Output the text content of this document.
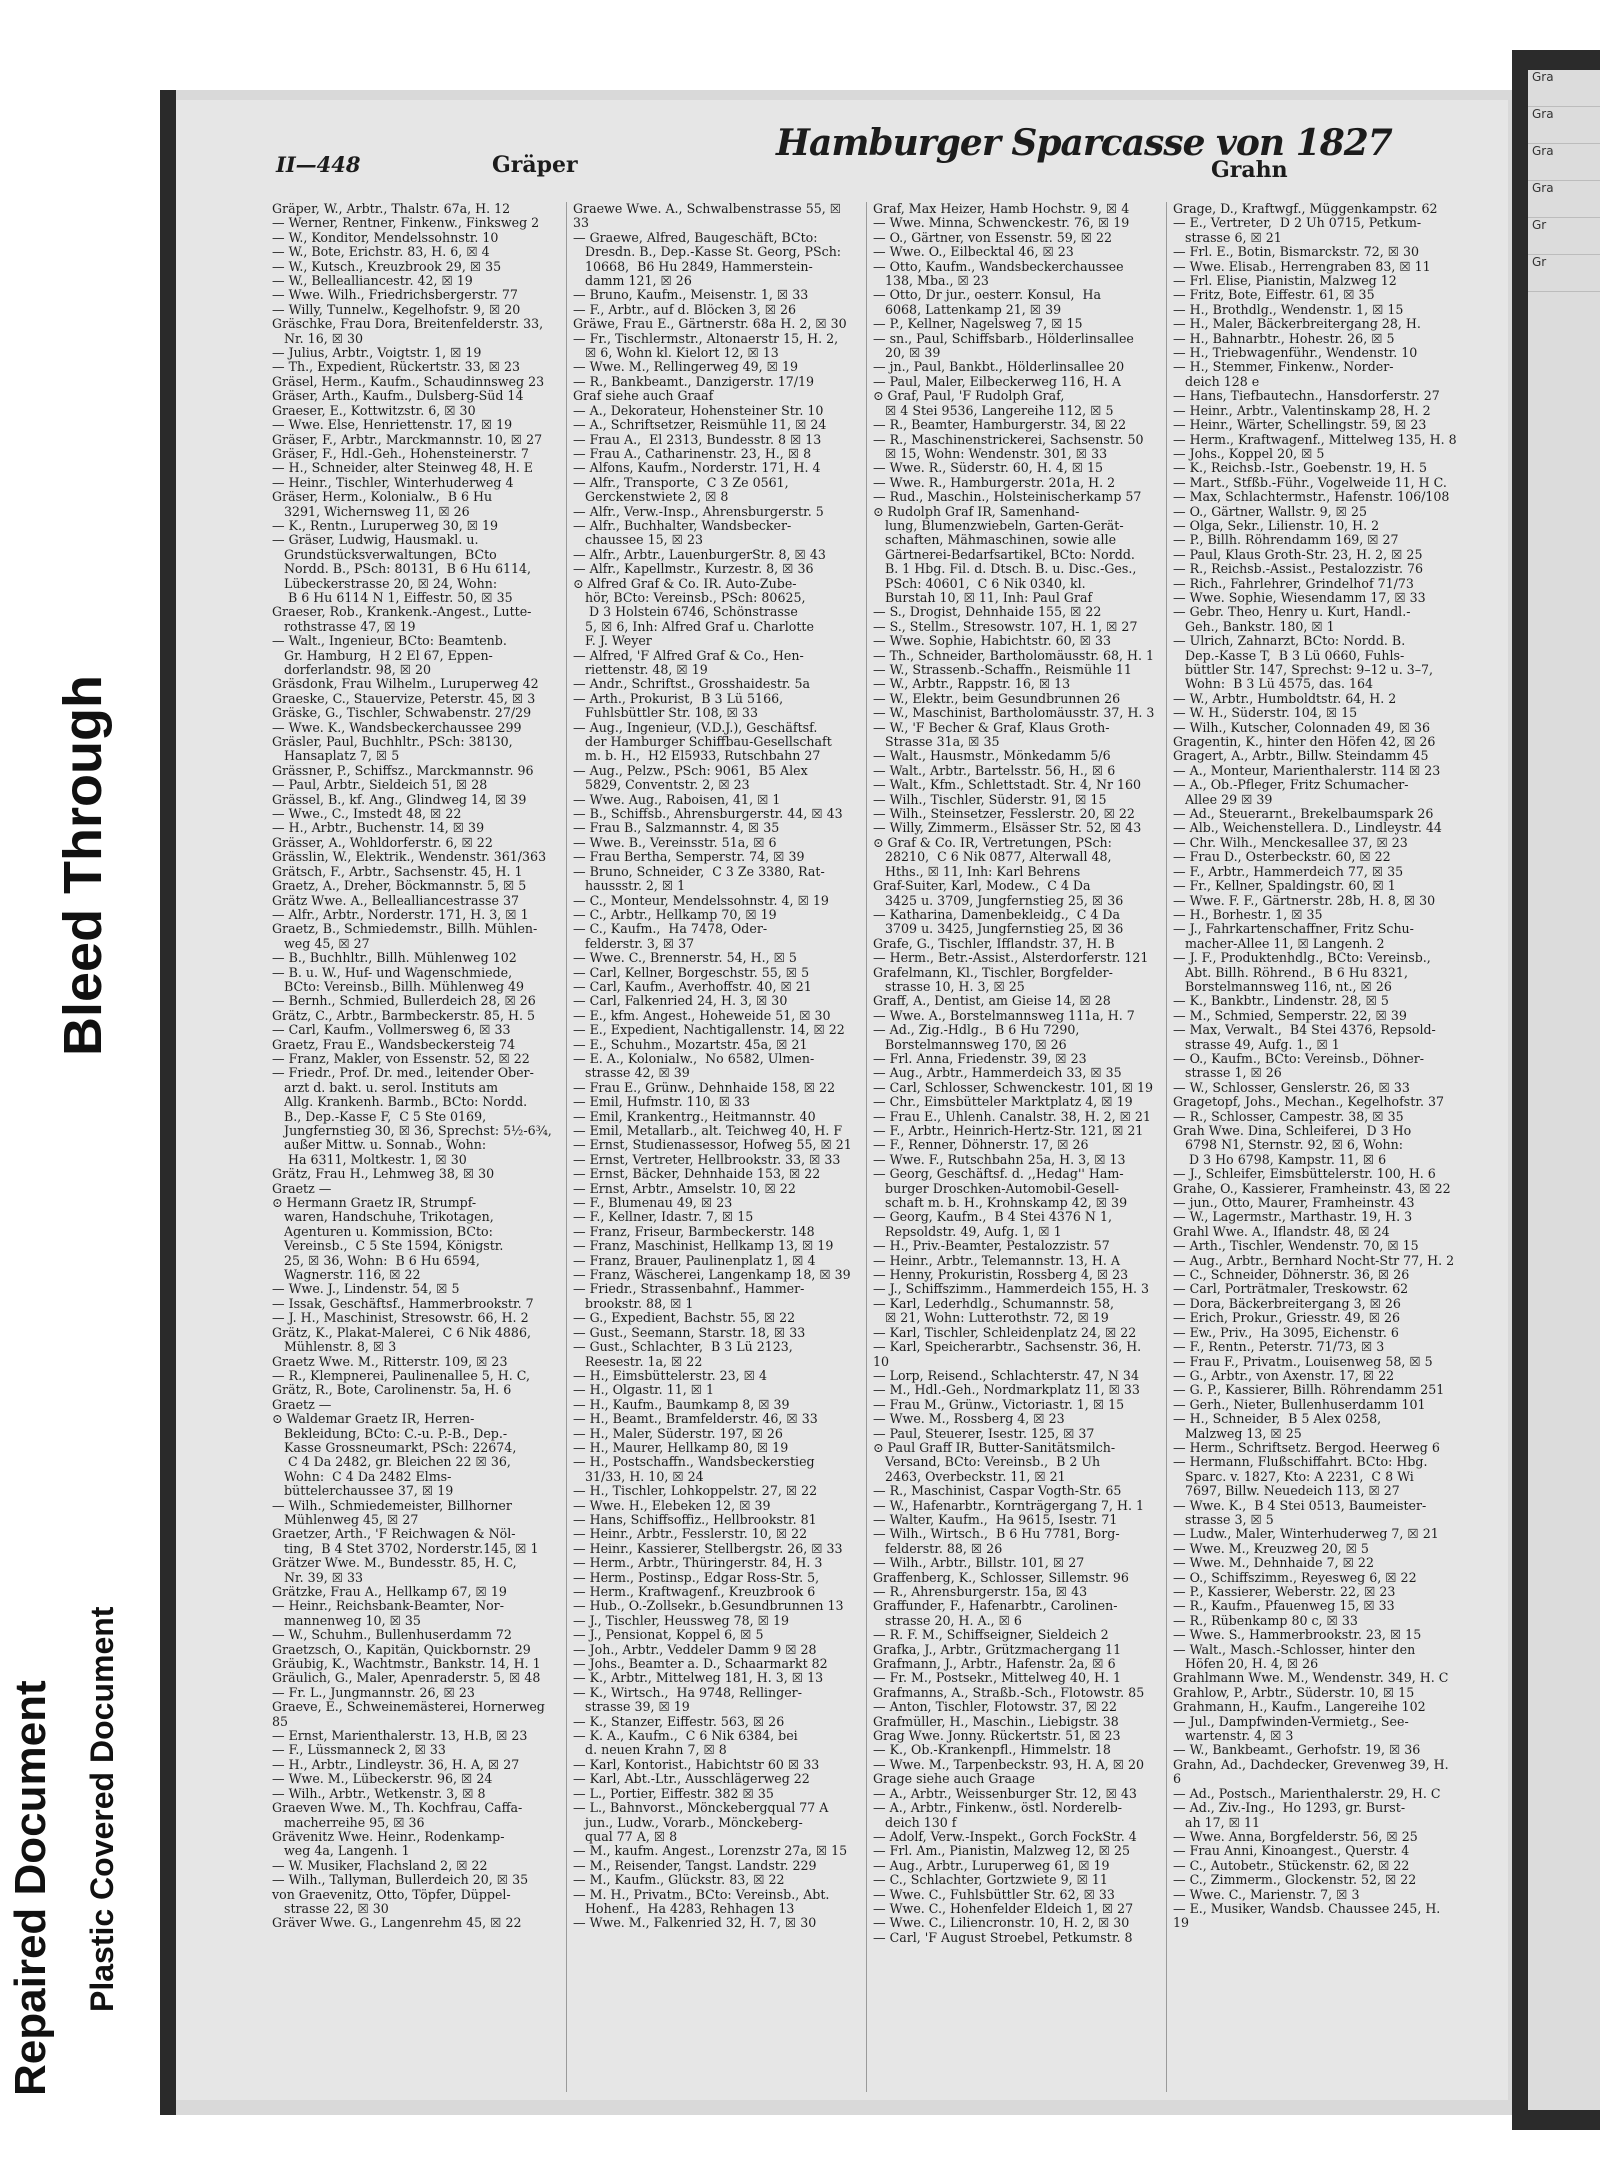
Gra
Gra
Gra
Gra
Gr
Gr
II—448	Gräper
Hamburger Sparcasse von 1827
Grahn
Gräper, W., Arbtr., Thalstr. 67a, H. 12
— Werner, Rentner, Finkenw., Finksweg 2
— W., Konditor, Mendelssohnstr. 10
— W., Bote, Erichstr. 83, H. 6, ☒ 4
— W., Kutsch., Kreuzbrook 29, ☒ 35
— W., Bellealliancestr. 42, ☒ 19
— Wwe. Wilh., Friedrichsbergerstr. 77
— Willy, Tunnelw., Kegelhofstr. 9, ☒ 20
Gräschke, Frau Dora, Breitenfelderstr. 33,
Nr. 16, ☒ 30
— Julius, Arbtr., Voigtstr. 1, ☒ 19
— Th., Expedient, Rückertstr. 33, ☒ 23
Gräsel, Herm., Kaufm., Schaudinnsweg 23
Gräser, Arth., Kaufm., Dulsberg-Süd 14
Graeser, E., Kottwitzstr. 6, ☒ 30
— Wwe. Else, Henriettenstr. 17, ☒ 19
Gräser, F., Arbtr., Marckmannstr. 10, ☒ 27
Gräser, F., Hdl.-Geh., Hohensteinerstr. 7
— H., Schneider, alter Steinweg 48, H. E
— Heinr., Tischler, Winterhuderweg 4
Gräser, Herm., Kolonialw.,  B 6 Hu
3291, Wichernsweg 11, ☒ 26
— K., Rentn., Luruperweg 30, ☒ 19
— Gräser, Ludwig, Hausmakl. u.
Grundstücksverwaltungen,  BCto
Nordd. B., PSch: 80131,  B 6 Hu 6114,
Lübeckerstrasse 20, ☒ 24, Wohn:
B 6 Hu 6114 N 1, Eiffestr. 50, ☒ 35
Graeser, Rob., Krankenk.-Angest., Lutte-
rothstrasse 47, ☒ 19
— Walt., Ingenieur, BCto: Beamtenb.
Gr. Hamburg,  H 2 El 67, Eppen-
dorferlandstr. 98, ☒ 20
Gräsdonk, Frau Wilhelm., Luruperweg 42
Graeske, C., Stauervize, Peterstr. 45, ☒ 3
Gräske, G., Tischler, Schwabenstr. 27/29
— Wwe. K., Wandsbeckerchaussee 299
Gräsler, Paul, Buchhltr., PSch: 38130,
Hansaplatz 7, ☒ 5
Grässner, P., Schiffsz., Marckmannstr. 96
— Paul, Arbtr., Sieldeich 51, ☒ 28
Grässel, B., kf. Ang., Glindweg 14, ☒ 39
— Wwe., C., Imstedt 48, ☒ 22
— H., Arbtr., Buchenstr. 14, ☒ 39
Grässer, A., Wohldorferstr. 6, ☒ 22
Grässlin, W., Elektrik., Wendenstr. 361/363
Grätsch, F., Arbtr., Sachsenstr. 45, H. 1
Graetz, A., Dreher, Böckmannstr. 5, ☒ 5
Grätz Wwe. A., Bellealliancestrasse 37
— Alfr., Arbtr., Norderstr. 171, H. 3, ☒ 1
Graetz, B., Schmiedemstr., Billh. Mühlen-
weg 45, ☒ 27
— B., Buchhltr., Billh. Mühlenweg 102
— B. u. W., Huf- und Wagenschmiede,
BCto: Vereinsb., Billh. Mühlenweg 49
— Bernh., Schmied, Bullerdeich 28, ☒ 26
Grätz, C., Arbtr., Barmbeckerstr. 85, H. 5
— Carl, Kaufm., Vollmersweg 6, ☒ 33
Graetz, Frau E., Wandsbeckersteig 74
— Franz, Makler, von Essenstr. 52, ☒ 22
— Friedr., Prof. Dr. med., leitender Ober-
arzt d. bakt. u. serol. Instituts am
Allg. Krankenh. Barmb., BCto: Nordd.
B., Dep.-Kasse F,  C 5 Ste 0169,
Jungfernstieg 30, ☒ 36, Sprechst: 5½-6¾,
außer Mittw. u. Sonnab., Wohn:
Ha 6311, Moltkestr. 1, ☒ 30
Grätz, Frau H., Lehmweg 38, ☒ 30
Graetz —
⊙ Hermann Graetz IR, Strumpf-
waren, Handschuhe, Trikotagen,
Agenturen u. Kommission, BCto:
Vereinsb.,  C 5 Ste 1594, Königstr.
25, ☒ 36, Wohn:  B 6 Hu 6594,
Wagnerstr. 116, ☒ 22
— Wwe. J., Lindenstr. 54, ☒ 5
— Issak, Geschäftsf., Hammerbrookstr. 7
— J. H., Maschinist, Stresowstr. 66, H. 2
Grätz, K., Plakat-Malerei,  C 6 Nik 4886,
Mühlenstr. 8, ☒ 3
Graetz Wwe. M., Ritterstr. 109, ☒ 23
— R., Klempnerei, Paulinenallee 5, H. C,
Grätz, R., Bote, Carolinenstr. 5a, H. 6
Graetz —
⊙ Waldemar Graetz IR, Herren-
Bekleidung, BCto: C.-u. P.-B., Dep.-
Kasse Grossneumarkt, PSch: 22674,
C 4 Da 2482, gr. Bleichen 22 ☒ 36,
Wohn:  C 4 Da 2482 Elms-
büttelerchaussee 37, ☒ 19
— Wilh., Schmiedemeister, Billhorner
Mühlenweg 45, ☒ 27
Graetzer, Arth., 'F Reichwagen & Nöl-
ting,  B 4 Stet 3702, Norderstr.145, ☒ 1
Grätzer Wwe. M., Bundesstr. 85, H. C,
Nr. 39, ☒ 33
Grätzke, Frau A., Hellkamp 67, ☒ 19
— Heinr., Reichsbank-Beamter, Nor-
mannenweg 10, ☒ 35
— W., Schuhm., Bullenhuserdamm 72
Graetzsch, O., Kapitän, Quickbornstr. 29
Gräubig, K., Wachtmstr., Bankstr. 14, H. 1
Gräulich, G., Maler, Apenraderstr. 5, ☒ 48
— Fr. L., Jungmannstr. 26, ☒ 23
Graeve, E., Schweinemästerei, Hornerweg 85
— Ernst, Marienthalerstr. 13, H.B, ☒ 23
— F., Lüssmanneck 2, ☒ 33
— H., Arbtr., Lindleystr. 36, H. A, ☒ 27
— Wwe. M., Lübeckerstr. 96, ☒ 24
— Wilh., Arbtr., Wetkenstr. 3, ☒ 8
Graeven Wwe. M., Th. Kochfrau, Caffa-
macherreihe 95, ☒ 36
Grävenitz Wwe. Heinr., Rodenkamp-
weg 4a, Langenh. 1
— W. Musiker, Flachsland 2, ☒ 22
— Wilh., Tallyman, Bullerdeich 20, ☒ 35
von Graevenitz, Otto, Töpfer, Düppel-
strasse 22, ☒ 30
Gräver Wwe. G., Langenrehm 45, ☒ 22
Graewe Wwe. A., Schwalbenstrasse 55, ☒ 33
— Graewe, Alfred, Baugeschäft, BCto:
Dresdn. B., Dep.-Kasse St. Georg, PSch:
10668,  B6 Hu 2849, Hammerstein-
damm 121, ☒ 26
— Bruno, Kaufm., Meisenstr. 1, ☒ 33
— F., Arbtr., auf d. Blöcken 3, ☒ 26
Gräwe, Frau E., Gärtnerstr. 68a H. 2, ☒ 30
— Fr., Tischlermstr., Altonaerstr 15, H. 2,
☒ 6, Wohn kl. Kielort 12, ☒ 13
— Wwe. M., Rellingerweg 49, ☒ 19
— R., Bankbeamt., Danzigerstr. 17/19
Graf siehe auch Graaf
— A., Dekorateur, Hohensteiner Str. 10
— A., Schriftsetzer, Reismühle 11, ☒ 24
— Frau A.,  El 2313, Bundesstr. 8 ☒ 13
— Frau A., Catharinenstr. 23, H., ☒ 8
— Alfons, Kaufm., Norderstr. 171, H. 4
— Alfr., Transporte,  C 3 Ze 0561,
Gerckenstwiete 2, ☒ 8
— Alfr., Verw.-Insp., Ahrensburgerstr. 5
— Alfr., Buchhalter, Wandsbecker-
chaussee 15, ☒ 23
— Alfr., Arbtr., LauenburgerStr. 8, ☒ 43
— Alfr., Kapellmstr., Kurzestr. 8, ☒ 36
⊙ Alfred Graf & Co. IR. Auto-Zube-
hör, BCto: Vereinsb., PSch: 80625,
D 3 Holstein 6746, Schönstrasse
5, ☒ 6, Inh: Alfred Graf u. Charlotte
F. J. Weyer
— Alfred, 'F Alfred Graf & Co., Hen-
riettenstr. 48, ☒ 19
— Andr., Schriftst., Grosshaidestr. 5a
— Arth., Prokurist,  B 3 Lü 5166,
Fuhlsbüttler Str. 108, ☒ 33
— Aug., Ingenieur, (V.D.J.), Geschäftsf.
der Hamburger Schiffbau-Gesellschaft
m. b. H.,  H2 El5933, Rutschbahn 27
— Aug., Pelzw., PSch: 9061,  B5 Alex
5829, Conventstr. 2, ☒ 23
— Wwe. Aug., Raboisen, 41, ☒ 1
— B., Schiffsb., Ahrensburgerstr. 44, ☒ 43
— Frau B., Salzmannstr. 4, ☒ 35
— Wwe. B., Vereinsstr. 51a, ☒ 6
— Frau Bertha, Semperstr. 74, ☒ 39
— Bruno, Schneider,  C 3 Ze 3380, Rat-
haussstr. 2, ☒ 1
— C., Monteur, Mendelssohnstr. 4, ☒ 19
— C., Arbtr., Hellkamp 70, ☒ 19
— C., Kaufm.,  Ha 7478, Oder-
felderstr. 3, ☒ 37
— Wwe. C., Brennerstr. 54, H., ☒ 5
— Carl, Kellner, Borgeschstr. 55, ☒ 5
— Carl, Kaufm., Averhoffstr. 40, ☒ 21
— Carl, Falkenried 24, H. 3, ☒ 30
— E., kfm. Angest., Hoheweide 51, ☒ 30
— E., Expedient, Nachtigallenstr. 14, ☒ 22
— E., Schuhm., Mozartstr. 45a, ☒ 21
— E. A., Kolonialw.,  No 6582, Ulmen-
strasse 42, ☒ 39
— Frau E., Grünw., Dehnhaide 158, ☒ 22
— Emil, Hufmstr. 110, ☒ 33
— Emil, Krankentrg., Heitmannstr. 40
— Emil, Metallarb., alt. Teichweg 40, H. F
— Ernst, Studienassessor, Hofweg 55, ☒ 21
— Ernst, Vertreter, Hellbrookstr. 33, ☒ 33
— Ernst, Bäcker, Dehnhaide 153, ☒ 22
— Ernst, Arbtr., Amselstr. 10, ☒ 22
— F., Blumenau 49, ☒ 23
— F., Kellner, Idastr. 7, ☒ 15
— Franz, Friseur, Barmbeckerstr. 148
— Franz, Maschinist, Hellkamp 13, ☒ 19
— Franz, Brauer, Paulinenplatz 1, ☒ 4
— Franz, Wäscherei, Langenkamp 18, ☒ 39
— Friedr., Strassenbahnf., Hammer-
brookstr. 88, ☒ 1
— G., Expedient, Bachstr. 55, ☒ 22
— Gust., Seemann, Starstr. 18, ☒ 33
— Gust., Schlachter,  B 3 Lü 2123,
Reesestr. 1a, ☒ 22
— H., Eimsbüttelerstr. 23, ☒ 4
— H., Olgastr. 11, ☒ 1
— H., Kaufm., Baumkamp 8, ☒ 39
— H., Beamt., Bramfelderstr. 46, ☒ 33
— H., Maler, Süderstr. 197, ☒ 26
— H., Maurer, Hellkamp 80, ☒ 19
— H., Postschaffn., Wandsbeckerstieg
31/33, H. 10, ☒ 24
— H., Tischler, Lohkoppelstr. 27, ☒ 22
— Wwe. H., Elebeken 12, ☒ 39
— Hans, Schiffsoffiz., Hellbrookstr. 81
— Heinr., Arbtr., Fesslerstr. 10, ☒ 22
— Heinr., Kassierer, Stellbergstr. 26, ☒ 33
— Herm., Arbtr., Thüringerstr. 84, H. 3
— Herm., Postinsp., Edgar Ross-Str. 5,
— Herm., Kraftwagenf., Kreuzbrook 6
— Hub., O.-Zollsekr., b.Gesundbrunnen 13
— J., Tischler, Heussweg 78, ☒ 19
— J., Pensionat, Koppel 6, ☒ 5
— Joh., Arbtr., Veddeler Damm 9 ☒ 28
— Johs., Beamter a. D., Schaarmarkt 82
— K., Arbtr., Mittelweg 181, H. 3, ☒ 13
— K., Wirtsch.,  Ha 9748, Rellinger-
strasse 39, ☒ 19
— K., Stanzer, Eiffestr. 563, ☒ 26
— K. A., Kaufm.,  C 6 Nik 6384, bei
d. neuen Krahn 7, ☒ 8
— Karl, Kontorist., Habichtstr 60 ☒ 33
— Karl, Abt.-Ltr., Ausschlägerweg 22
— L., Portier, Eiffestr. 382 ☒ 35
— L., Bahnvorst., Mönckebergqual 77 A
jun., Ludw., Vorarb., Mönckeberg-
qual 77 A, ☒ 8
— M., kaufm. Angest., Lorenzstr 27a, ☒ 15
— M., Reisender, Tangst. Landstr. 229
— M., Kaufm., Glückstr. 83, ☒ 22
— M. H., Privatm., BCto: Vereinsb., Abt.
Hohenf.,  Ha 4283, Rehhagen 13
— Wwe. M., Falkenried 32, H. 7, ☒ 30
Graf, Max Heizer, Hamb Hochstr. 9, ☒ 4
— Wwe. Minna, Schwenckestr. 76, ☒ 19
— O., Gärtner, von Essenstr. 59, ☒ 22
— Wwe. O., Eilbecktal 46, ☒ 23
— Otto, Kaufm., Wandsbeckerchaussee
138, Mba., ☒ 23
— Otto, Dr jur., oesterr. Konsul,  Ha
6068, Lattenkamp 21, ☒ 39
— P., Kellner, Nagelsweg 7, ☒ 15
— sn., Paul, Schiffsbarb., Hölderlinsallee
20, ☒ 39
— jn., Paul, Bankbt., Hölderlinsallee 20
— Paul, Maler, Eilbeckerweg 116, H. A
⊙ Graf, Paul, 'F Rudolph Graf,
☒ 4 Stei 9536, Langereihe 112, ☒ 5
— R., Beamter, Hamburgerstr. 34, ☒ 22
— R., Maschinenstrickerei, Sachsenstr. 50
☒ 15, Wohn: Wendenstr. 301, ☒ 33
— Wwe. R., Süderstr. 60, H. 4, ☒ 15
— Wwe. R., Hamburgerstr. 201a, H. 2
— Rud., Maschin., Holsteinischerkamp 57
⊙ Rudolph Graf IR, Samenhand-
lung, Blumenzwiebeln, Garten-Gerät-
schaften, Mähmaschinen, sowie alle
Gärtnerei-Bedarfsartikel, BCto: Nordd.
B. 1 Hbg. Fil. d. Dtsch. B. u. Disc.-Ges.,
PSch: 40601,  C 6 Nik 0340, kl.
Burstah 10, ☒ 11, Inh: Paul Graf
— S., Drogist, Dehnhaide 155, ☒ 22
— S., Stellm., Stresowstr. 107, H. 1, ☒ 27
— Wwe. Sophie, Habichtstr. 60, ☒ 33
— Th., Schneider, Bartholomäusstr. 68, H. 1
— W., Strassenb.-Schaffn., Reismühle 11
— W., Arbtr., Rappstr. 16, ☒ 13
— W., Elektr., beim Gesundbrunnen 26
— W., Maschinist, Bartholomäusstr. 37, H. 3
— W., 'F Becher & Graf, Klaus Groth-
Strasse 31a, ☒ 35
— Walt., Hausmstr., Mönkedamm 5/6
— Walt., Arbtr., Bartelsstr. 56, H., ☒ 6
— Walt., Kfm., Schlettstadt. Str. 4, Nr 160
— Wilh., Tischler, Süderstr. 91, ☒ 15
— Wilh., Steinsetzer, Fesslerstr. 20, ☒ 22
— Willy, Zimmerm., Elsässer Str. 52, ☒ 43
⊙ Graf & Co. IR, Vertretungen, PSch:
28210,  C 6 Nik 0877, Alterwall 48,
Hths., ☒ 11, Inh: Karl Behrens
Graf-Suiter, Karl, Modew.,  C 4 Da
3425 u. 3709, Jungfernstieg 25, ☒ 36
— Katharina, Damenbekleidg.,  C 4 Da
3709 u. 3425, Jungfernstieg 25, ☒ 36
Grafe, G., Tischler, Ifflandstr. 37, H. B
— Herm., Betr.-Assist., Alsterdorferstr. 121
Grafelmann, Kl., Tischler, Borgfelder-
strasse 10, H. 3, ☒ 25
Graff, A., Dentist, am Gieise 14, ☒ 28
— Wwe. A., Borstelmannsweg 111a, H. 7
— Ad., Zig.-Hdlg.,  B 6 Hu 7290,
Borstelmannsweg 170, ☒ 26
— Frl. Anna, Friedenstr. 39, ☒ 23
— Aug., Arbtr., Hammerdeich 33, ☒ 35
— Carl, Schlosser, Schwenckestr. 101, ☒ 19
— Chr., Eimsbütteler Marktplatz 4, ☒ 19
— Frau E., Uhlenh. Canalstr. 38, H. 2, ☒ 21
— F., Arbtr., Heinrich-Hertz-Str. 121, ☒ 21
— F., Renner, Döhnerstr. 17, ☒ 26
— Wwe. F., Rutschbahn 25a, H. 3, ☒ 13
— Georg, Geschäftsf. d. ,,Hedag'' Ham-
burger Droschken-Automobil-Gesell-
schaft m. b. H., Krohnskamp 42, ☒ 39
— Georg, Kaufm.,  B 4 Stei 4376 N 1,
Repsoldstr. 49, Aufg. 1, ☒ 1
— H., Priv.-Beamter, Pestalozzistr. 57
— Heinr., Arbtr., Telemannstr. 13, H. A
— Henny, Prokuristin, Rossberg 4, ☒ 23
— J., Schiffszimm., Hammerdeich 155, H. 3
— Karl, Lederhdlg., Schumannstr. 58,
☒ 21, Wohn: Lutterothstr. 72, ☒ 19
— Karl, Tischler, Schleidenplatz 24, ☒ 22
— Karl, Speicherarbtr., Sachsenstr. 36, H. 10
— Lorp, Reisend., Schlachterstr. 47, N 34
— M., Hdl.-Geh., Nordmarkplatz 11, ☒ 33
— Frau M., Grünw., Victoriastr. 1, ☒ 15
— Wwe. M., Rossberg 4, ☒ 23
— Paul, Steuerer, Isestr. 125, ☒ 37
⊙ Paul Graff IR, Butter-Sanitätsmilch-
Versand, BCto: Vereinsb.,  B 2 Uh
2463, Overbeckstr. 11, ☒ 21
— R., Maschinist, Caspar Vogth-Str. 65
— W., Hafenarbtr., Kornträgergang 7, H. 1
— Walter, Kaufm.,  Ha 9615, Isestr. 71
— Wilh., Wirtsch.,  B 6 Hu 7781, Borg-
felderstr. 88, ☒ 26
— Wilh., Arbtr., Billstr. 101, ☒ 27
Graffenberg, K., Schlosser, Sillemstr. 96
— R., Ahrensburgerstr. 15a, ☒ 43
Graffunder, F., Hafenarbtr., Carolinen-
strasse 20, H. A., ☒ 6
— R. F. M., Schiffseigner, Sieldeich 2
Grafka, J., Arbtr., Grützmachergang 11
Grafmann, J., Arbtr., Hafenstr. 2a, ☒ 6
— Fr. M., Postsekr., Mittelweg 40, H. 1
Grafmanns, A., Straßb.-Sch., Flotowstr. 85
— Anton, Tischler, Flotowstr. 37, ☒ 22
Grafmüller, H., Maschin., Liebigstr. 38
Grag Wwe. Jonny. Rückertstr. 51, ☒ 23
— K., Ob.-Krankenpfl., Himmelstr. 18
— Wwe. M., Tarpenbeckstr. 93, H. A, ☒ 20
Grage siehe auch Graage
— A., Arbtr., Weissenburger Str. 12, ☒ 43
— A., Arbtr., Finkenw., östl. Norderelb-
deich 130 f
— Adolf, Verw.-Inspekt., Gorch FockStr. 4
— Frl. Am., Pianistin, Malzweg 12, ☒ 25
— Aug., Arbtr., Luruperweg 61, ☒ 19
— C., Schlachter, Gortzwiete 9, ☒ 11
— Wwe. C., Fuhlsbüttler Str. 62, ☒ 33
— Wwe. C., Hohenfelder Eldeich 1, ☒ 27
— Wwe. C., Liliencronstr. 10, H. 2, ☒ 30
— Carl, 'F August Stroebel, Petkumstr. 8
Grage, D., Kraftwgf., Müggenkampstr. 62
— E., Vertreter,  D 2 Uh 0715, Petkum-
strasse 6, ☒ 21
— Frl. E., Botin, Bismarckstr. 72, ☒ 30
— Wwe. Elisab., Herrengraben 83, ☒ 11
— Frl. Elise, Pianistin, Malzweg 12
— Fritz, Bote, Eiffestr. 61, ☒ 35
— H., Brothdlg., Wendenstr. 1, ☒ 15
— H., Maler, Bäckerbreitergang 28, H.
— H., Bahnarbtr., Hohestr. 26, ☒ 5
— H., Triebwagenführ., Wendenstr. 10
— H., Stemmer, Finkenw., Norder-
deich 128 e
— Hans, Tiefbautechn., Hansdorferstr. 27
— Heinr., Arbtr., Valentinskamp 28, H. 2
— Heinr., Wärter, Schellingstr. 59, ☒ 23
— Herm., Kraftwagenf., Mittelweg 135, H. 8
— Johs., Koppel 20, ☒ 5
— K., Reichsb.-Istr., Goebenstr. 19, H. 5
— Mart., Stfßb.-Führ., Vogelweide 11, H C.
— Max, Schlachtermstr., Hafenstr. 106/108
— O., Gärtner, Wallstr. 9, ☒ 25
— Olga, Sekr., Lilienstr. 10, H. 2
— P., Billh. Röhrendamm 169, ☒ 27
— Paul, Klaus Groth-Str. 23, H. 2, ☒ 25
— R., Reichsb.-Assist., Pestalozzistr. 76
— Rich., Fahrlehrer, Grindelhof 71/73
— Wwe. Sophie, Wiesendamm 17, ☒ 33
— Gebr. Theo, Henry u. Kurt, Handl.-
Geh., Bankstr. 180, ☒ 1
— Ulrich, Zahnarzt, BCto: Nordd. B.
Dep.-Kasse T,  B 3 Lü 0660, Fuhls-
büttler Str. 147, Sprechst: 9–12 u. 3–7,
Wohn:  B 3 Lü 4575, das. 164
— W., Arbtr., Humboldtstr. 64, H. 2
— W. H., Süderstr. 104, ☒ 15
— Wilh., Kutscher, Colonnaden 49, ☒ 36
Gragentin, K., hinter den Höfen 42, ☒ 26
Gragert, A., Arbtr., Billw. Steindamm 45
— A., Monteur, Marienthalerstr. 114 ☒ 23
— A., Ob.-Pfleger, Fritz Schumacher-
Allee 29 ☒ 39
— Ad., Steuerarnt., Brekelbaumspark 26
— Alb., Weichenstellera. D., Lindleystr. 44
— Chr. Wilh., Menckesallee 37, ☒ 23
— Frau D., Osterbeckstr. 60, ☒ 22
— F., Arbtr., Hammerdeich 77, ☒ 35
— Fr., Kellner, Spaldingstr. 60, ☒ 1
— Wwe. F. F., Gärtnerstr. 28b, H. 8, ☒ 30
— H., Borhestr. 1, ☒ 35
— J., Fahrkartenschaffner, Fritz Schu-
macher-Allee 11, ☒ Langenh. 2
— J. F., Produktenhdlg., BCto: Vereinsb.,
Abt. Billh. Röhrend.,  B 6 Hu 8321,
Borstelmannsweg 116, nt., ☒ 26
— K., Bankbtr., Lindenstr. 28, ☒ 5
— M., Schmied, Semperstr. 22, ☒ 39
— Max, Verwalt.,  B4 Stei 4376, Repsold-
strasse 49, Aufg. 1., ☒ 1
— O., Kaufm., BCto: Vereinsb., Döhner-
strasse 1, ☒ 26
— W., Schlosser, Genslerstr. 26, ☒ 33
Gragetopf, Johs., Mechan., Kegelhofstr. 37
— R., Schlosser, Campestr. 38, ☒ 35
Grah Wwe. Dina, Schleiferei,  D 3 Ho
6798 N1, Sternstr. 92, ☒ 6, Wohn:
D 3 Ho 6798, Kampstr. 11, ☒ 6
— J., Schleifer, Eimsbüttelerstr. 100, H. 6
Grahe, O., Kassierer, Framheinstr. 43, ☒ 22
— jun., Otto, Maurer, Framheinstr. 43
— W., Lagermstr., Marthastr. 19, H. 3
Grahl Wwe. A., Iflandstr. 48, ☒ 24
— Arth., Tischler, Wendenstr. 70, ☒ 15
— Aug., Arbtr., Bernhard Nocht-Str 77, H. 2
— C., Schneider, Döhnerstr. 36, ☒ 26
— Carl, Porträtmaler, Treskowstr. 62
— Dora, Bäckerbreitergang 3, ☒ 26
— Erich, Prokur., Griesstr. 49, ☒ 26
— Ew., Priv.,  Ha 3095, Eichenstr. 6
— F., Rentn., Peterstr. 71/73, ☒ 3
— Frau F., Privatm., Louisenweg 58, ☒ 5
— G., Arbtr., von Axenstr. 17, ☒ 22
— G. P., Kassierer, Billh. Röhrendamm 251
— Gerh., Nieter, Bullenhuserdamm 101
— H., Schneider,  B 5 Alex 0258,
Malzweg 13, ☒ 25
— Herm., Schriftsetz. Bergod. Heerweg 6
— Hermann, Flußschiffahrt. BCto: Hbg.
Sparc. v. 1827, Kto: A 2231,  C 8 Wi
7697, Billw. Neuedeich 113, ☒ 27
— Wwe. K.,  B 4 Stei 0513, Baumeister-
strasse 3, ☒ 5
— Ludw., Maler, Winterhuderweg 7, ☒ 21
— Wwe. M., Kreuzweg 20, ☒ 5
— Wwe. M., Dehnhaide 7, ☒ 22
— O., Schiffszimm., Reyesweg 6, ☒ 22
— P., Kassierer, Weberstr. 22, ☒ 23
— R., Kaufm., Pfauenweg 15, ☒ 33
— R., Rübenkamp 80 c, ☒ 33
— Wwe. S., Hammerbrookstr. 23, ☒ 15
— Walt., Masch.-Schlosser, hinter den
Höfen 20, H. 4, ☒ 26
Grahlmann Wwe. M., Wendenstr. 349, H. C
Grahlow, P., Arbtr., Süderstr. 10, ☒ 15
Grahmann, H., Kaufm., Langereihe 102
— Jul., Dampfwinden-Vermietg., See-
wartenstr. 4, ☒ 3
— W., Bankbeamt., Gerhofstr. 19, ☒ 36
Grahn, Ad., Dachdecker, Grevenweg 39, H. 6
— Ad., Postsch., Marienthalerstr. 29, H. C
— Ad., Ziv.-Ing.,  Ho 1293, gr. Burst-
ah 17, ☒ 11
— Wwe. Anna, Borgfelderstr. 56, ☒ 25
— Frau Anni, Kinoangest., Querstr. 4
— C., Autobetr., Stückenstr. 62, ☒ 22
— C., Zimmerm., Glockenstr. 52, ☒ 22
— Wwe. C., Marienstr. 7, ☒ 3
— E., Musiker, Wandsb. Chaussee 245, H. 19
Repaired Document Plastic Covered Document
Bleed Through
